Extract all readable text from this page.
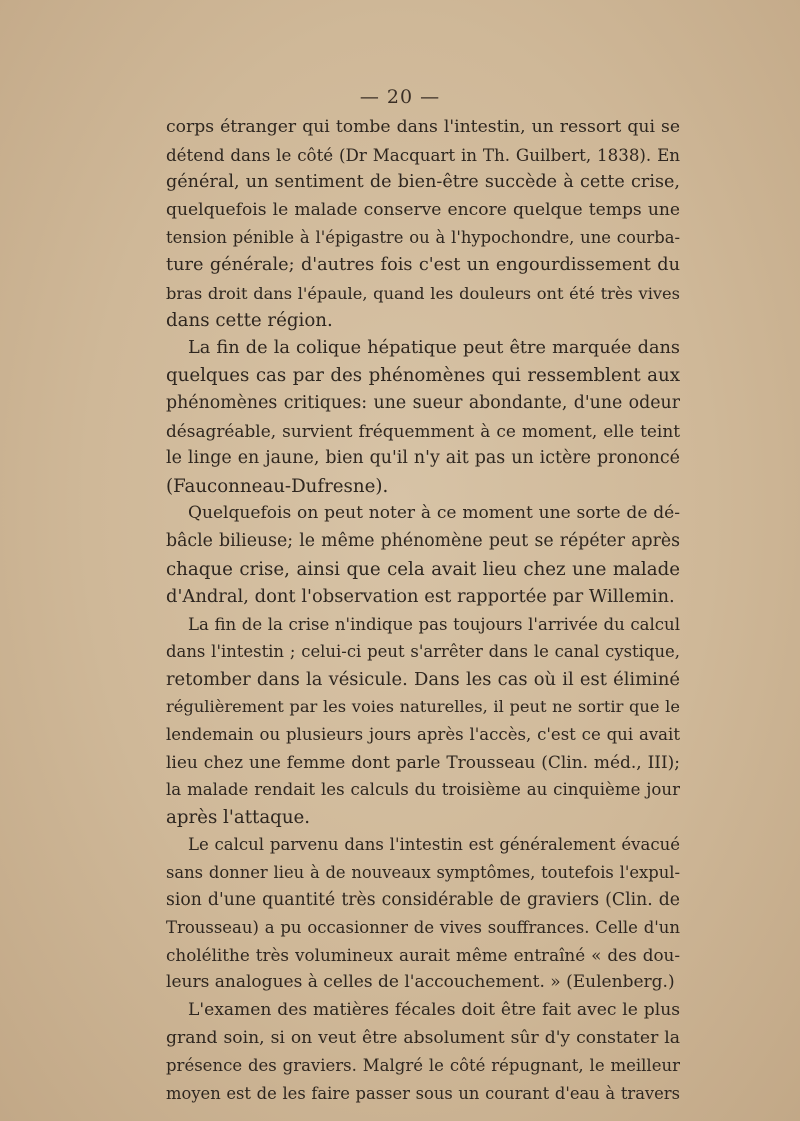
— 20 —
corps étranger qui tombe dans l'intestin, un ressort qui se
détend dans le côté (Dr Macquart in Th. Guilbert, 1838). En
général, un sentiment de bien-être succède à cette crise,
quelquefois le malade conserve encore quelque temps une
tension pénible à l'épigastre ou à l'hypochondre, une courba-
ture générale; d'autres fois c'est un engourdissement du
bras droit dans l'épaule, quand les douleurs ont été très vives
dans cette région.
La fin de la colique hépatique peut être marquée dans
quelques cas par des phénomènes qui ressemblent aux
phénomènes critiques: une sueur abondante, d'une odeur
désagréable, survient fréquemment à ce moment, elle teint
le linge en jaune, bien qu'il n'y ait pas un ictère prononcé
(Fauconneau-Dufresne).
Quelquefois on peut noter à ce moment une sorte de dé-
bâcle bilieuse; le même phénomène peut se répéter après
chaque crise, ainsi que cela avait lieu chez une malade
d'Andral, dont l'observation est rapportée par Willemin.
La fin de la crise n'indique pas toujours l'arrivée du calcul
dans l'intestin ; celui-ci peut s'arrêter dans le canal cystique,
retomber dans la vésicule. Dans les cas où il est éliminé
régulièrement par les voies naturelles, il peut ne sortir que le
lendemain ou plusieurs jours après l'accès, c'est ce qui avait
lieu chez une femme dont parle Trousseau (Clin. méd., III);
la malade rendait les calculs du troisième au cinquième jour
après l'attaque.
Le calcul parvenu dans l'intestin est généralement évacué
sans donner lieu à de nouveaux symptômes, toutefois l'expul-
sion d'une quantité très considérable de graviers (Clin. de
Trousseau) a pu occasionner de vives souffrances. Celle d'un
cholélithe très volumineux aurait même entraîné « des dou-
leurs analogues à celles de l'accouchement. » (Eulenberg.)
L'examen des matières fécales doit être fait avec le plus
grand soin, si on veut être absolument sûr d'y constater la
présence des graviers. Malgré le côté répugnant, le meilleur
moyen est de les faire passer sous un courant d'eau à travers
